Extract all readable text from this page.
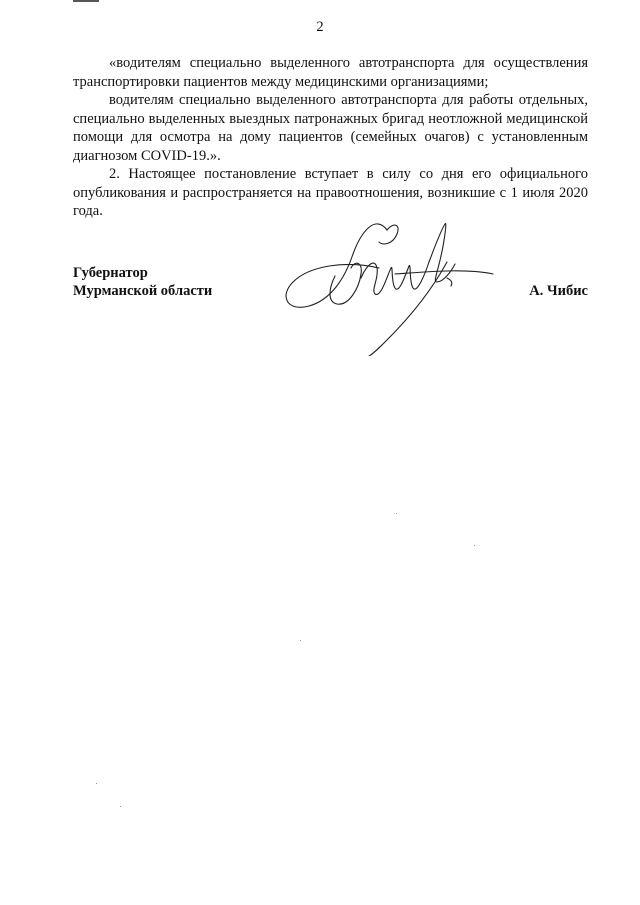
2

«водителям специально выделенного автотранспорта для осуществления транспортировки пациентов между медицинскими организациями;

водителям специально выделенного автотранспорта для работы отдельных, специально выделенных выездных патронажных бригад неотложной медицинской помощи для осмотра на дому пациентов (семейных очагов) с установленным диагнозом COVID-19.».

2. Настоящее постановление вступает в силу со дня его официального опубликования и распространяется на правоотношения, возникшие с 1 июля 2020 года.

Губернатор
Мурманской области	А. Чибис
